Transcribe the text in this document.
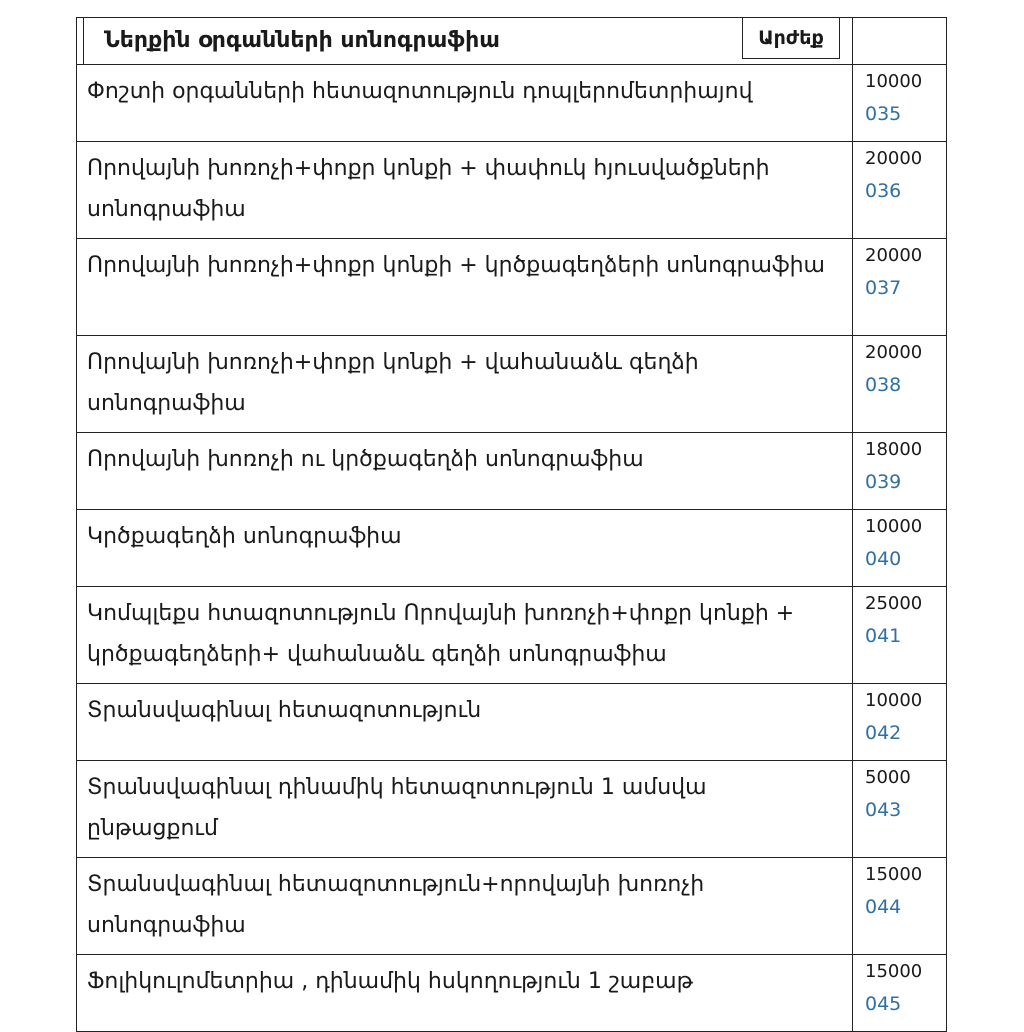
Ներքին օրգանների սոնոգրաֆիա Արժեք	

Փոշտի օրգանների հետազոտություն դոպլերոմետրիայով	10000
035

Որովայնի խոռոչի+փոքր կոնքի + փափուկ հյուսվածքների սոնոգրաֆիա	20000
036

Որովայնի խոռոչի+փոքր կոնքի + կրծքագեղձերի սոնոգրաֆիա	20000
037

Որովայնի խոռոչի+փոքր կոնքի + վահանաձև գեղձի սոնոգրաֆիա	20000
038

Որովայնի խոռոչի ու կրծքագեղձի սոնոգրաֆիա	18000
039

Կրծքագեղձի սոնոգրաֆիա	10000
040

Կոմպլեքս հտազոտություն Որովայնի խոռոչի+փոքր կոնքի + կրծքագեղձերի+ վահանաձև գեղձի սոնոգրաֆիա	25000
041

Տրանսվագինալ հետազոտություն	10000
042

Տրանսվագինալ դինամիկ հետազոտություն 1 ամսվա ընթացքում	5000
043

Տրանսվագինալ հետազոտություն+որովայնի խոռոչի սոնոգրաֆիա	15000
044

Ֆոլիկուլոմետրիա , դինամիկ հսկողություն 1 շաբաթ	15000
045
